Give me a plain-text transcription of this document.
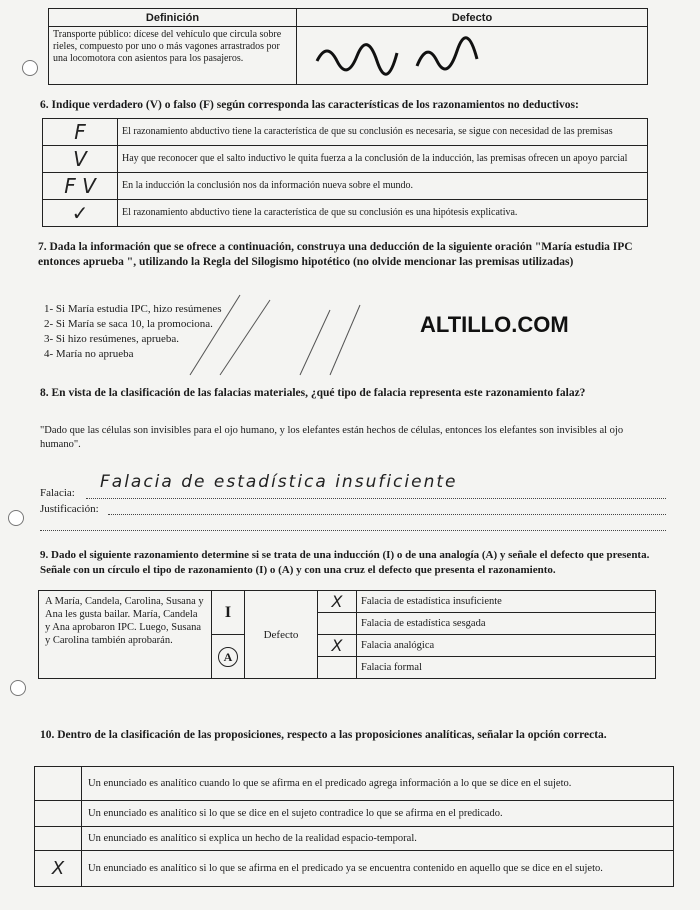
Definición	Defecto
Transporte público: dícese del vehículo que circula sobre rieles, compuesto por uno o más vagones arrastrados por una locomotora con asientos para los pasajeros.	
6. Indique verdadero (V) o falso (F) según corresponda las características de los razonamientos no deductivos:
F	El razonamiento abductivo tiene la característica de que su conclusión es necesaria, se sigue con necesidad de las premisas
V	Hay que reconocer que el salto inductivo le quita fuerza a la conclusión de la inducción, las premisas ofrecen un apoyo parcial
F V	En la inducción la conclusión nos da información nueva sobre el mundo.
✓	El razonamiento abductivo tiene la característica de que su conclusión es una hipótesis explicativa.
7. Dada la información que se ofrece a continuación, construya una deducción de la siguiente oración "María estudia IPC entonces aprueba ", utilizando la Regla del Silogismo hipotético (no olvide mencionar las premisas utilizadas)
1- Si María estudia IPC, hizo resúmenes
2- Si María se saca 10, la promociona.
3- Si hizo resúmenes, aprueba.
4- María no aprueba
ALTILLO.COM
8. En vista de la clasificación de las falacias materiales, ¿qué tipo de falacia representa este razonamiento falaz?
"Dado que las células son invisibles para el ojo humano, y los elefantes están hechos de células, entonces los elefantes son invisibles al ojo humano".
Falacia:
Falacia de estadística insuficiente
Justificación:
9. Dado el siguiente razonamiento determine si se trata de una inducción (I) o de una analogía (A) y señale el defecto que presenta. Señale con un círculo el tipo de razonamiento (I) o (A) y con una cruz el defecto que presenta el razonamiento.
A María, Candela, Carolina, Susana y Ana les gusta bailar. María, Candela y Ana aprobaron IPC. Luego, Susana y Carolina también aprobarán.	I	Defecto	X	Falacia de estadística insuficiente
				Falacia de estadística sesgada
	A		X	Falacia analógica
				Falacia formal
10. Dentro de la clasificación de las proposiciones, respecto a las proposiciones analíticas, señalar la opción correcta.
	Un enunciado es analítico cuando lo que se afirma en el predicado agrega información a lo que se dice en el sujeto.
	Un enunciado es analítico si lo que se dice en el sujeto contradice lo que se afirma en el predicado.
	Un enunciado es analítico si explica un hecho de la realidad espacio-temporal.
X	Un enunciado es analítico si lo que se afirma en el predicado ya se encuentra contenido en aquello que se dice en el sujeto.
